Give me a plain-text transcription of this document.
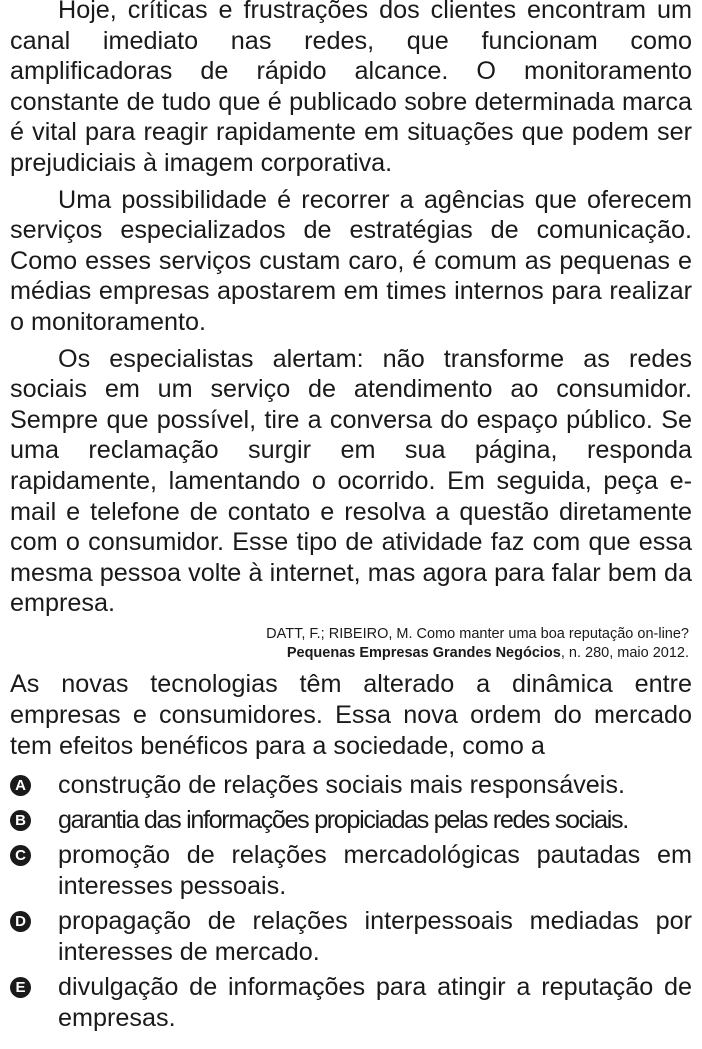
Hoje, críticas e frustrações dos clientes encontram um canal imediato nas redes, que funcionam como amplificadoras de rápido alcance. O monitoramento constante de tudo que é publicado sobre determinada marca é vital para reagir rapidamente em situações que podem ser prejudiciais à imagem corporativa.

Uma possibilidade é recorrer a agências que oferecem serviços especializados de estratégias de comunicação. Como esses serviços custam caro, é comum as pequenas e médias empresas apostarem em times internos para realizar o monitoramento.

Os especialistas alertam: não transforme as redes sociais em um serviço de atendimento ao consumidor. Sempre que possível, tire a conversa do espaço público. Se uma reclamação surgir em sua página, responda rapidamente, lamentando o ocorrido. Em seguida, peça e-mail e telefone de contato e resolva a questão diretamente com o consumidor. Esse tipo de atividade faz com que essa mesma pessoa volte à internet, mas agora para falar bem da empresa.

DATT, F.; RIBEIRO, M. Como manter uma boa reputação on-line?
Pequenas Empresas Grandes Negócios, n. 280, maio 2012.

As novas tecnologias têm alterado a dinâmica entre empresas e consumidores. Essa nova ordem do mercado tem efeitos benéficos para a sociedade, como a

A construção de relações sociais mais responsáveis.
B garantia das informações propiciadas pelas redes sociais.
C promoção de relações mercadológicas pautadas em interesses pessoais.
D propagação de relações interpessoais mediadas por interesses de mercado.
E divulgação de informações para atingir a reputação de empresas.
